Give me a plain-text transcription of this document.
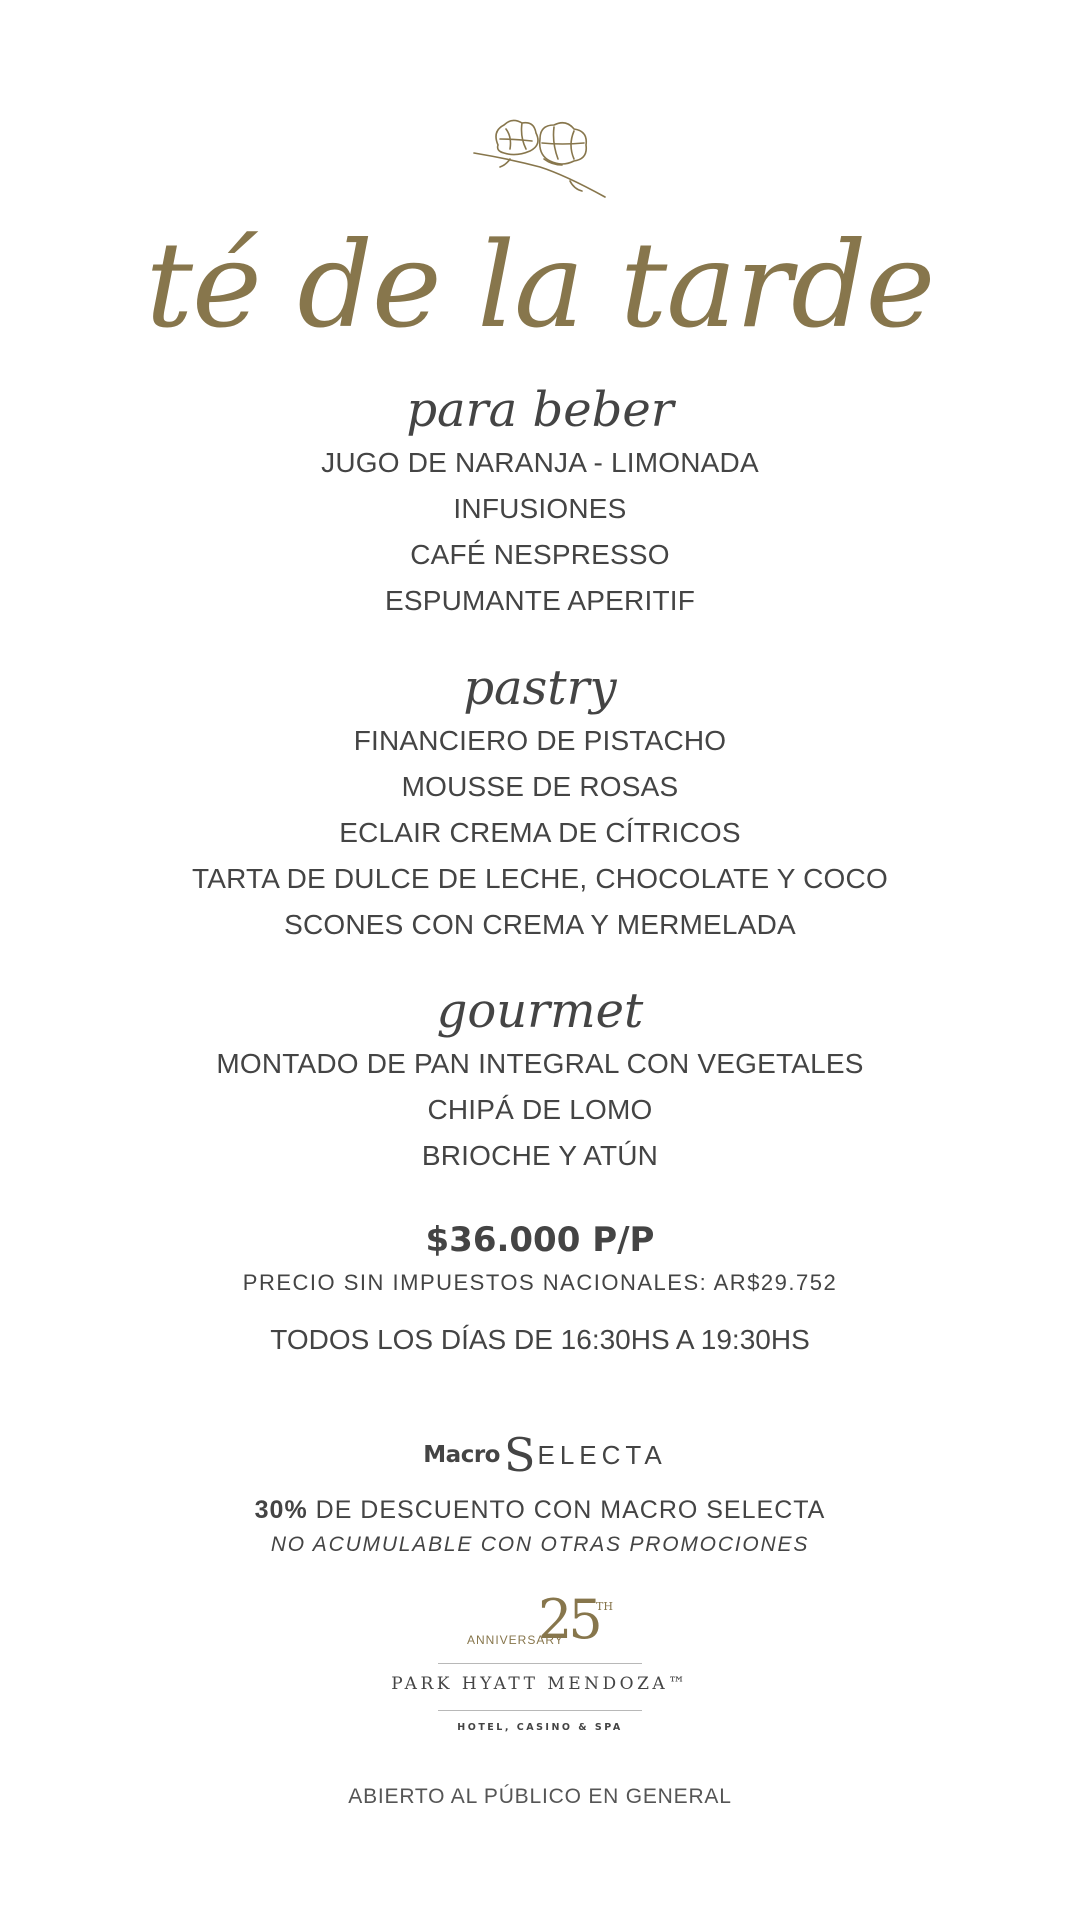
té de la tarde
para beber
JUGO DE NARANJA - LIMONADA
INFUSIONES
CAFÉ NESPRESSO
ESPUMANTE APERITIF
pastry
FINANCIERO DE PISTACHO
MOUSSE DE ROSAS
ECLAIR CREMA DE CÍTRICOS
TARTA DE DULCE DE LECHE, CHOCOLATE Y COCO
SCONES CON CREMA Y MERMELADA
gourmet
MONTADO DE PAN INTEGRAL CON VEGETALES
CHIPÁ DE LOMO
BRIOCHE Y ATÚN
$36.000 P/P
PRECIO SIN IMPUESTOS NACIONALES: AR$29.752
TODOS LOS DÍAS DE 16:30HS A 19:30HS
Macro S ELECTA
30% DE DESCUENTO CON MACRO SELECTA
NO ACUMULABLE CON OTRAS PROMOCIONES
25
TH
ANNIVERSARY
PARK HYATT MENDOZA™
HOTEL, CASINO & SPA
ABIERTO AL PÚBLICO EN GENERAL
